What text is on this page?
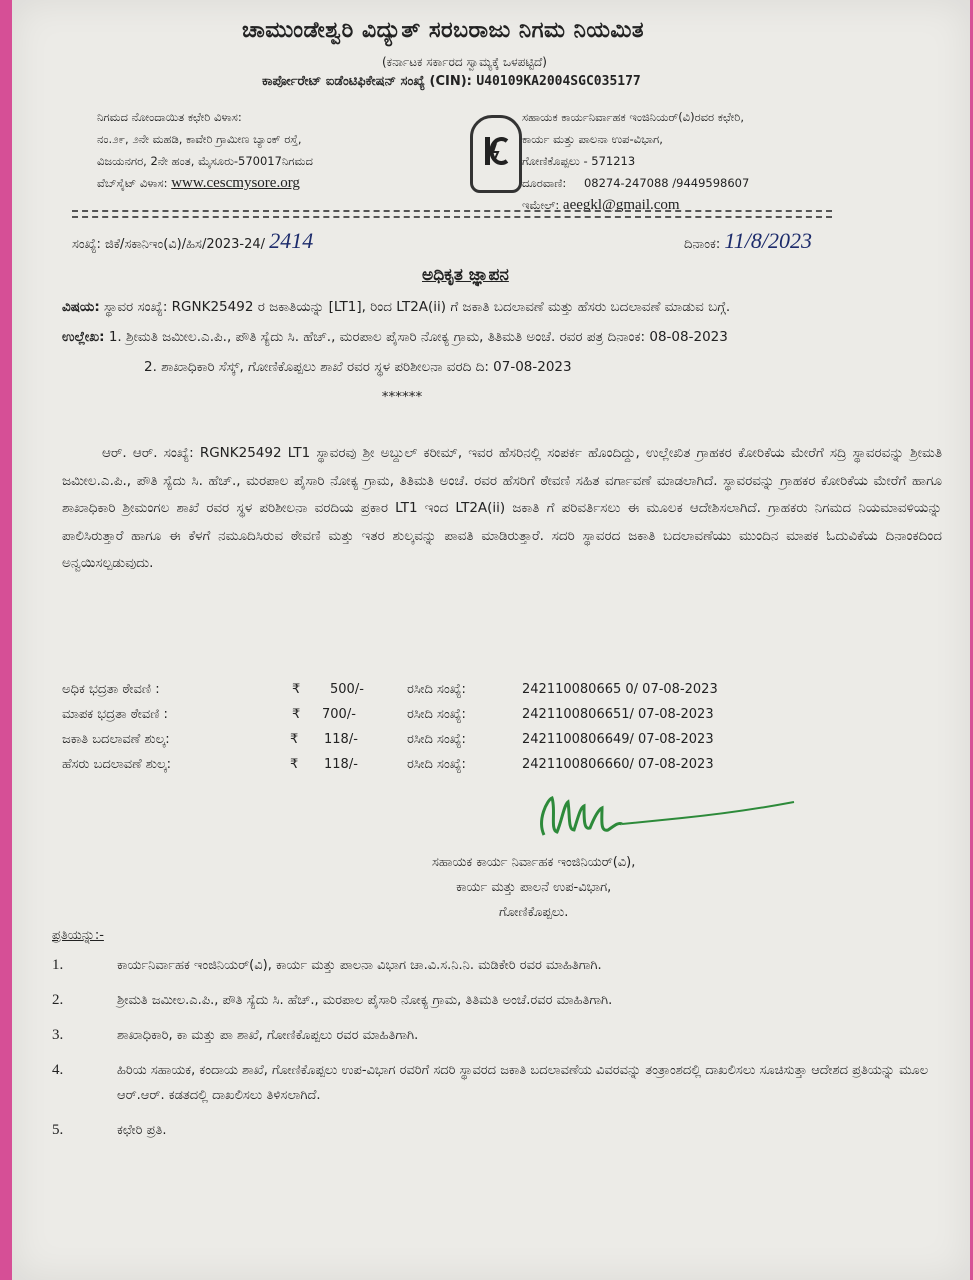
ಚಾಮುಂಡೇಶ್ವರಿ ವಿದ್ಯುತ್ ಸರಬರಾಜು ನಿಗಮ ನಿಯಮಿತ
(ಕರ್ನಾಟಕ ಸರ್ಕಾರದ ಸ್ವಾಮ್ಯಕ್ಕೆ ಒಳಪಟ್ಟಿದೆ)
ಕಾರ್ಪೋರೇಟ್ ಐಡೆಂಟಿಫಿಕೇಷನ್ ಸಂಖ್ಯೆ (CIN): U40109KA2004SGC035177
ನಿಗಮದ ನೋಂದಾಯಿತ ಕಛೇರಿ ವಿಳಾಸ:
ನಂ.೨೯, ೨ನೇ ಮಹಡಿ, ಕಾವೇರಿ ಗ್ರಾಮೀಣ ಬ್ಯಾಂಕ್ ರಸ್ತೆ,
ವಿಜಯನಗರ, 2ನೇ ಹಂತ, ಮೈಸೂರು-570017ನಿಗಮದ
ವೆಬ್‌ಸೈಟ್ ವಿಳಾಸ: www.cescmysore.org
ಸಹಾಯಕ ಕಾರ್ಯನಿರ್ವಾಹಕ ಇಂಜಿನಿಯರ್(ವಿ)ರವರ ಕಛೇರಿ,
ಕಾರ್ಯ ಮತ್ತು ಪಾಲನಾ ಉಪ-ವಿಭಾಗ,
ಗೋಣಿಕೊಪ್ಪಲು - 571213
ದೂರವಾಣಿ: 08274-247088 /9449598607
ಇಮೇಲ್: aeegkl@gmail.com
ಸಂಖ್ಯೆ: ಜಿಕೆ/ಸಕಾನಿಇಂ(ವಿ)/ಹಿಸ/2023-24/ 2414	ದಿನಾಂಕ: 11/8/2023
ಅಧಿಕೃತ ಜ್ಞಾಪನ
ವಿಷಯ: ಸ್ಥಾವರ ಸಂಖ್ಯೆ: RGNK25492 ರ ಜಕಾತಿಯನ್ನು [LT1], ರಿಂದ LT2A(ii) ಗೆ ಜಕಾತಿ ಬದಲಾವಣೆ ಮತ್ತು ಹೆಸರು ಬದಲಾವಣೆ ಮಾಡುವ ಬಗ್ಗೆ.
ಉಲ್ಲೇಖ: 1. ಶ್ರೀಮತಿ ಜಮೀಲ.ಎ.ಪಿ., ಪೌತಿ ಸ್ಯೆದು ಸಿ. ಹೆಚ್., ಮರಪಾಲ ಪೈಸಾರಿ ನೋಕ್ಯ ಗ್ರಾಮ, ತಿತಿಮತಿ ಅಂಚೆ. ರವರ ಪತ್ರ ದಿನಾಂಕ: 08-08-2023
2. ಶಾಖಾಧಿಕಾರಿ ಸೆಸ್ಕ್, ಗೋಣಿಕೊಪ್ಪಲು ಶಾಖೆ ರವರ ಸ್ಥಳ ಪರಿಶೀಲನಾ ವರದಿ ದಿ: 07-08-2023
******
ಆರ್. ಆರ್. ಸಂಖ್ಯೆ: RGNK25492 LT1 ಸ್ಥಾವರವು ಶ್ರೀ ಅಬ್ದುಲ್ ಕರೀಮ್, ಇವರ ಹೆಸರಿನಲ್ಲಿ ಸಂಪರ್ಕ ಹೊಂದಿದ್ದು, ಉಲ್ಲೇಖಿತ ಗ್ರಾಹಕರ ಕೋರಿಕೆಯ ಮೇರೆಗೆ ಸದ್ರಿ ಸ್ಥಾವರವನ್ನು ಶ್ರೀಮತಿ ಜಮೀಲ.ಎ.ಪಿ., ಪೌತಿ ಸ್ಯೆದು ಸಿ. ಹೆಚ್., ಮರಪಾಲ ಪೈಸಾರಿ ನೋಕ್ಯ ಗ್ರಾಮ, ತಿತಿಮತಿ ಅಂಚೆ. ರವರ ಹೆಸರಿಗೆ ಠೇವಣಿ ಸಹಿತ ವರ್ಗಾವಣೆ ಮಾಡಲಾಗಿದೆ. ಸ್ಥಾವರವನ್ನು ಗ್ರಾಹಕರ ಕೋರಿಕೆಯ ಮೇರೆಗೆ ಹಾಗೂ ಶಾಖಾಧಿಕಾರಿ ಶ್ರೀಮಂಗಲ ಶಾಖೆ ರವರ ಸ್ಥಳ ಪರಿಶೀಲನಾ ವರದಿಯ ಪ್ರಕಾರ LT1 ಇಂದ LT2A(ii) ಜಕಾತಿ ಗೆ ಪರಿವರ್ತಿಸಲು ಈ ಮೂಲಕ ಆದೇಶಿಸಲಾಗಿದೆ. ಗ್ರಾಹಕರು ನಿಗಮದ ನಿಯಮಾವಳಿಯನ್ನು ಪಾಲಿಸಿರುತ್ತಾರೆ ಹಾಗೂ ಈ ಕೆಳಗೆ ನಮೂದಿಸಿರುವ ಠೇವಣಿ ಮತ್ತು ಇತರ ಶುಲ್ಕವನ್ನು ಪಾವತಿ ಮಾಡಿರುತ್ತಾರೆ. ಸದರಿ ಸ್ಥಾವರದ ಜಕಾತಿ ಬದಲಾವಣೆಯು ಮುಂದಿನ ಮಾಪಕ ಓದುವಿಕೆಯ ದಿನಾಂಕದಿಂದ ಅನ್ವಯಿಸಲ್ಪಡುವುದು.
ಅಧಿಕ ಭದ್ರತಾ ಠೇವಣಿ :	₹ 500/-	ರಸೀದಿ ಸಂಖ್ಯೆ:	242110080665 0/ 07-08-2023
ಮಾಪಕ ಭದ್ರತಾ ಠೇವಣಿ :	₹ 700/-	ರಸೀದಿ ಸಂಖ್ಯೆ:	2421100806651/ 07-08-2023
ಜಕಾತಿ ಬದಲಾವಣೆ ಶುಲ್ಕ:	₹ 118/-	ರಸೀದಿ ಸಂಖ್ಯೆ:	2421100806649/ 07-08-2023
ಹೆಸರು ಬದಲಾವಣೆ ಶುಲ್ಕ:	₹ 118/-	ರಸೀದಿ ಸಂಖ್ಯೆ:	2421100806660/ 07-08-2023
ಸಹಾಯಕ ಕಾರ್ಯ ನಿರ್ವಾಹಕ ಇಂಜಿನಿಯರ್(ವಿ),
ಕಾರ್ಯ ಮತ್ತು ಪಾಲನೆ ಉಪ-ವಿಭಾಗ,
ಗೋಣಿಕೊಪ್ಪಲು.
ಪ್ರತಿಯನ್ನು:-
1.	ಕಾರ್ಯನಿರ್ವಾಹಕ ಇಂಜಿನಿಯರ್(ವಿ), ಕಾರ್ಯ ಮತ್ತು ಪಾಲನಾ ವಿಭಾಗ ಚಾ.ವಿ.ಸ.ನಿ.ನಿ. ಮಡಿಕೇರಿ ರವರ ಮಾಹಿತಿಗಾಗಿ.
2.	ಶ್ರೀಮತಿ ಜಮೀಲ.ಎ.ಪಿ., ಪೌತಿ ಸ್ಯೆದು ಸಿ. ಹೆಚ್., ಮರಪಾಲ ಪೈಸಾರಿ ನೋಕ್ಯ ಗ್ರಾಮ, ತಿತಿಮತಿ ಅಂಚೆ.ರವರ ಮಾಹಿತಿಗಾಗಿ.
3.	ಶಾಖಾಧಿಕಾರಿ, ಕಾ ಮತ್ತು ಪಾ ಶಾಖೆ, ಗೋಣಿಕೊಪ್ಪಲು ರವರ ಮಾಹಿತಿಗಾಗಿ.
4.	ಹಿರಿಯ ಸಹಾಯಕ, ಕಂದಾಯ ಶಾಖೆ, ಗೋಣಿಕೊಪ್ಪಲು ಉಪ-ವಿಭಾಗ ರವರಿಗೆ ಸದರಿ ಸ್ಥಾವರದ ಜಕಾತಿ ಬದಲಾವಣೆಯ ವಿವರವನ್ನು ತಂತ್ರಾಂಶದಲ್ಲಿ ದಾಖಲಿಸಲು ಸೂಚಿಸುತ್ತಾ ಆದೇಶದ ಪ್ರತಿಯನ್ನು ಮೂಲ ಆರ್.ಆರ್. ಕಡತದಲ್ಲಿ ದಾಖಲಿಸಲು ತಿಳಿಸಲಾಗಿದೆ.
5.	ಕಛೇರಿ ಪ್ರತಿ.
